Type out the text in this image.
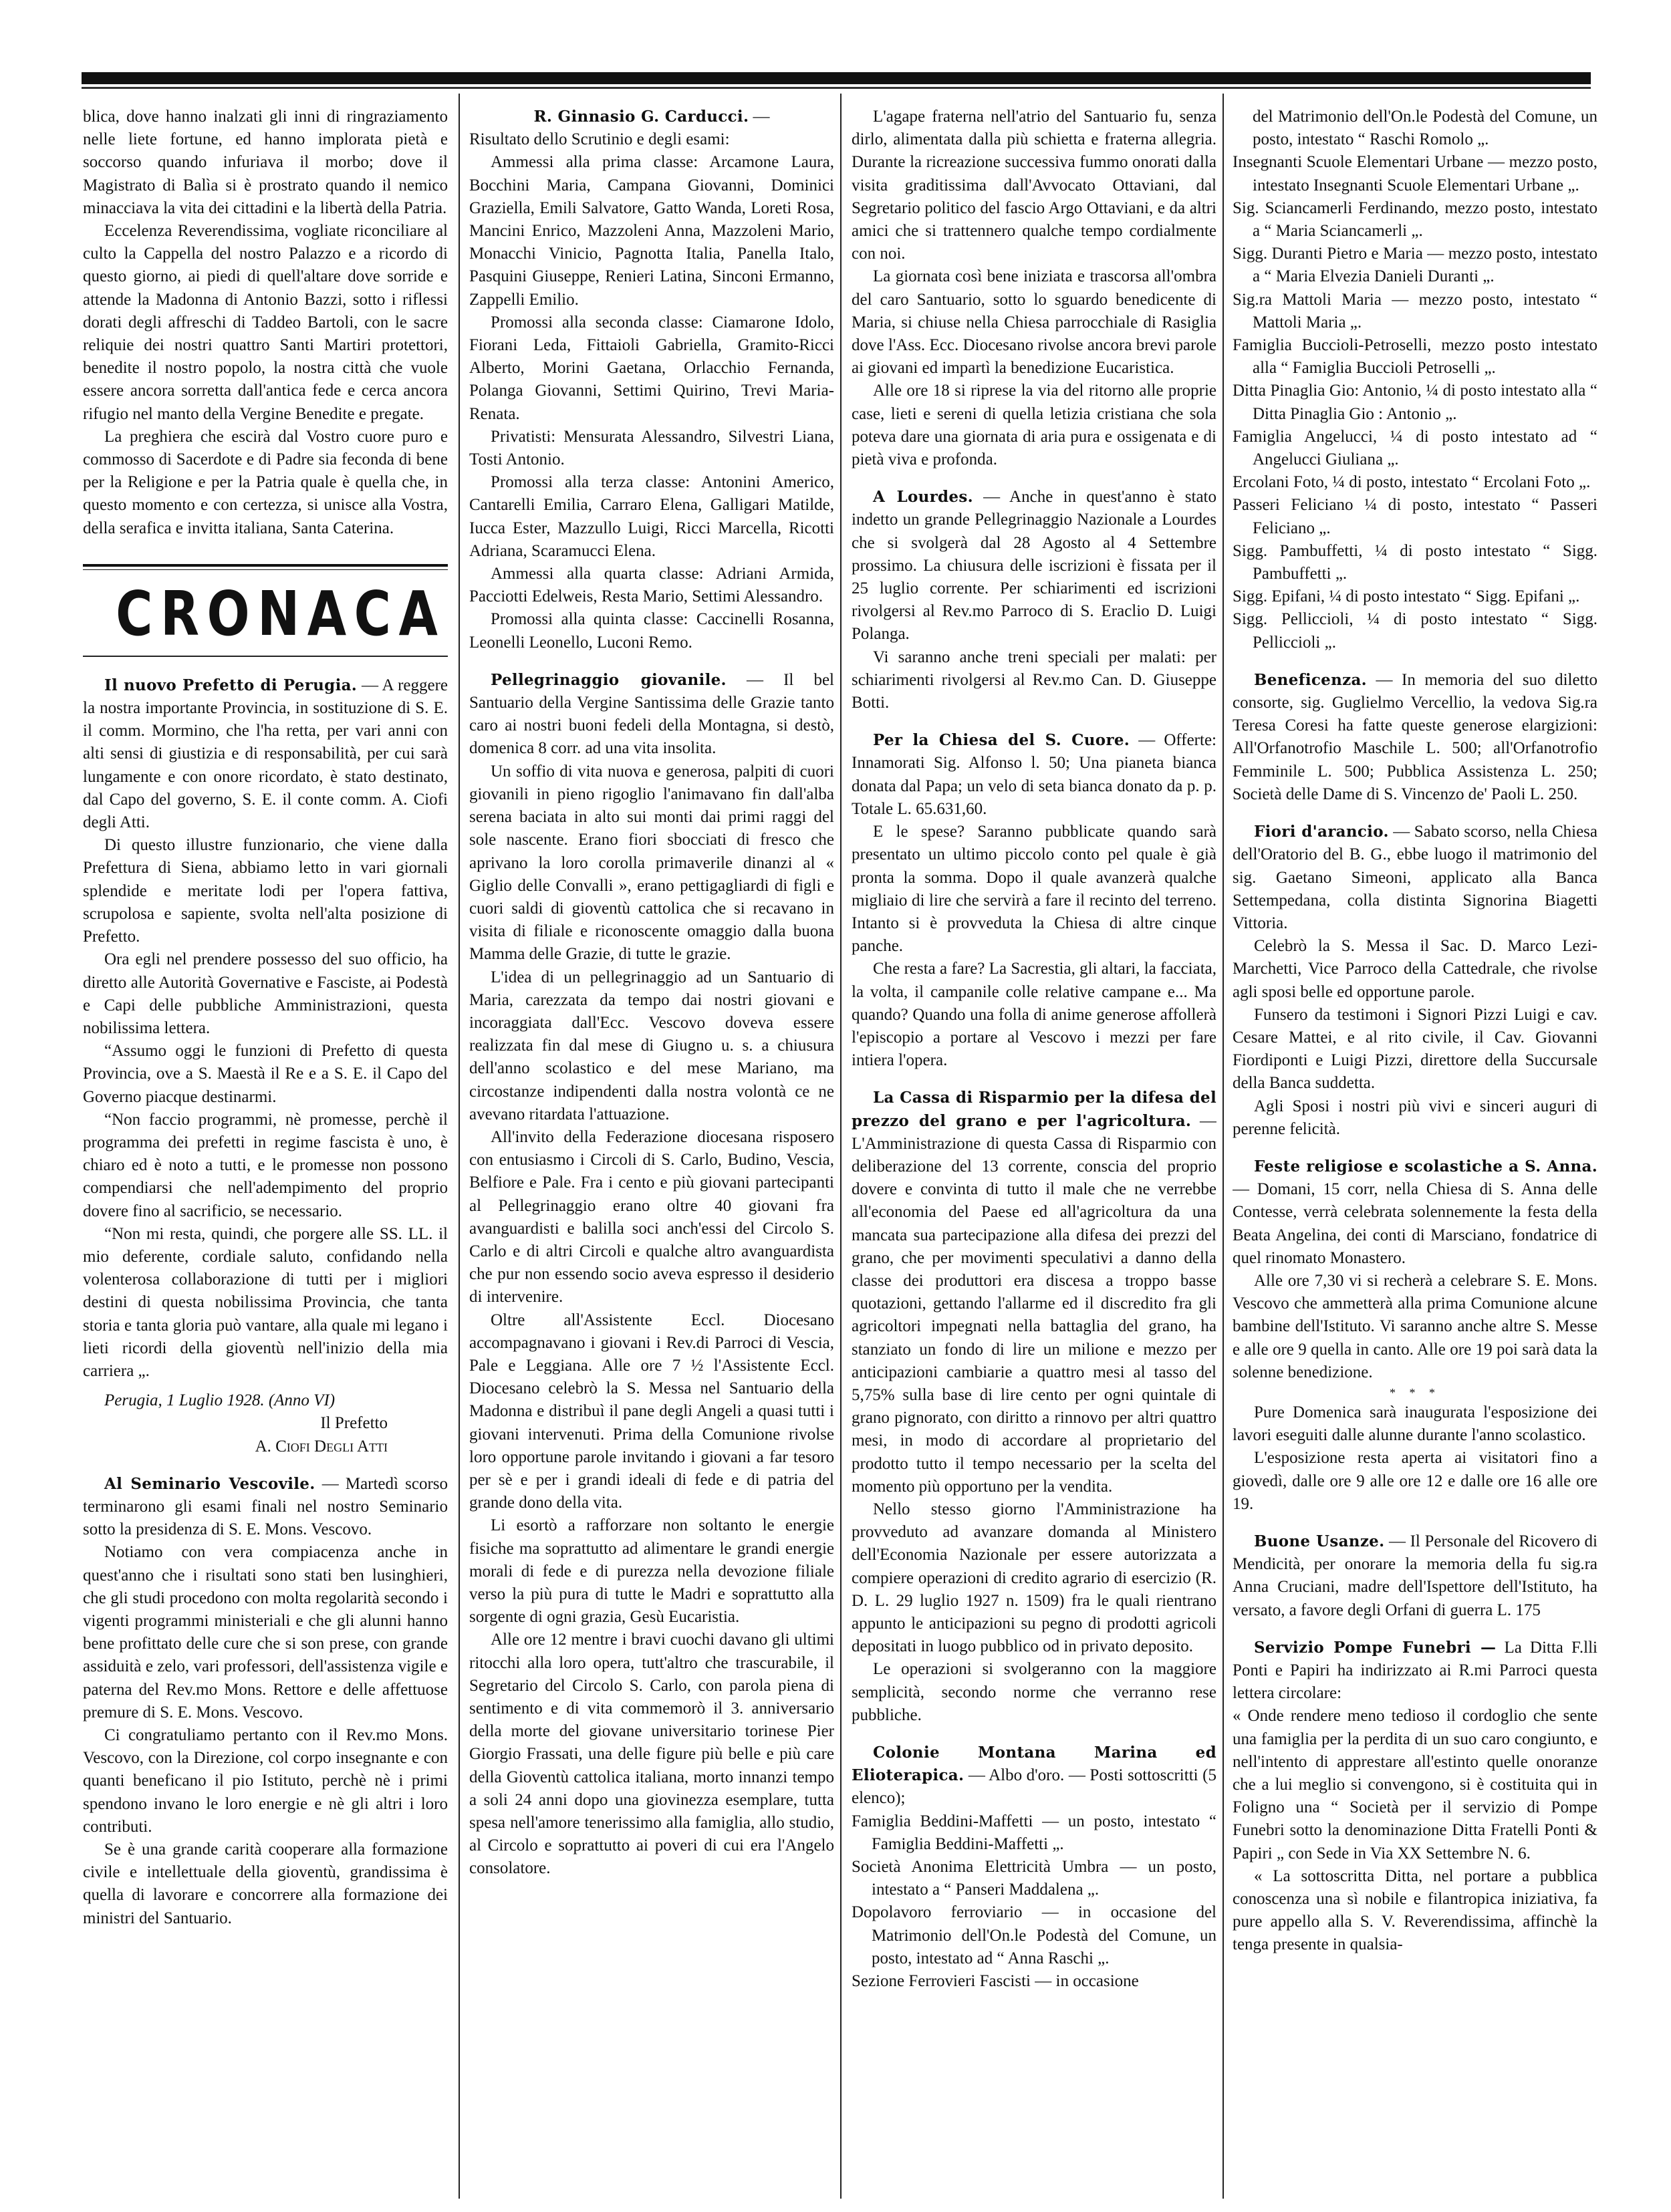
blica, dove hanno inalzati gli inni di ringraziamento nelle liete fortune, ed hanno implorata pietà e soccorso quando infuriava il morbo; dove il Magistrato di Balìa si è prostrato quando il nemico minacciava la vita dei cittadini e la libertà della Patria.

Eccelenza Reverendissima, vogliate riconciliare al culto la Cappella del nostro Palazzo e a ricordo di questo giorno, ai piedi di quell'altare dove sorride e attende la Madonna di Antonio Bazzi, sotto i riflessi dorati degli affreschi di Taddeo Bartoli, con le sacre reliquie dei nostri quattro Santi Martiri protettori, benedite il nostro popolo, la nostra città che vuole essere ancora sorretta dall'antica fede e cerca ancora rifugio nel manto della Vergine Benedite e pregate.

La preghiera che escirà dal Vostro cuore puro e commosso di Sacerdote e di Padre sia feconda di bene per la Religione e per la Patria quale è quella che, in questo momento e con certezza, si unisce alla Vostra, della serafica e invitta italiana, Santa Caterina.

CRONACA

Il nuovo Prefetto di Perugia. — A reggere la nostra importante Provincia, in sostituzione di S. E. il comm. Mormino, che l'ha retta, per vari anni con alti sensi di giustizia e di responsabilità, per cui sarà lungamente e con onore ricordato, è stato destinato, dal Capo del governo, S. E. il conte comm. A. Ciofi degli Atti.

Di questo illustre funzionario, che viene dalla Prefettura di Siena, abbiamo letto in vari giornali splendide e meritate lodi per l'opera fattiva, scrupolosa e sapiente, svolta nell'alta posizione di Prefetto.

Ora egli nel prendere possesso del suo officio, ha diretto alle Autorità Governative e Fasciste, ai Podestà e Capi delle pubbliche Amministrazioni, questa nobilissima lettera.

“Assumo oggi le funzioni di Prefetto di questa Provincia, ove a S. Maestà il Re e a S. E. il Capo del Governo piacque destinarmi.

“Non faccio programmi, nè promesse, perchè il programma dei prefetti in regime fascista è uno, è chiaro ed è noto a tutti, e le promesse non possono compendiarsi che nell'adempimento del proprio dovere fino al sacrificio, se necessario.

“Non mi resta, quindi, che porgere alle SS. LL. il mio deferente, cordiale saluto, confidando nella volenterosa collaborazione di tutti per i migliori destini di questa nobilissima Provincia, che tanta storia e tanta gloria può vantare, alla quale mi legano i lieti ricordi della gioventù nell'inizio della mia carriera „.

Perugia, 1 Luglio 1928. (Anno VI)

Il Prefetto

A. Ciofi Degli Atti

Al Seminario Vescovile. — Martedì scorso terminarono gli esami finali nel nostro Seminario sotto la presidenza di S. E. Mons. Vescovo.

Notiamo con vera compiacenza anche in quest'anno che i risultati sono stati ben lusinghieri, che gli studi procedono con molta regolarità secondo i vigenti programmi ministeriali e che gli alunni hanno bene profittato delle cure che si son prese, con grande assiduità e zelo, vari professori, dell'assistenza vigile e paterna del Rev.mo Mons. Rettore e delle affettuose premure di S. E. Mons. Vescovo.

Ci congratuliamo pertanto con il Rev.mo Mons. Vescovo, con la Direzione, col corpo insegnante e con quanti beneficano il pio Istituto, perchè nè i primi spendono invano le loro energie e nè gli altri i loro contributi.

Se è una grande carità cooperare alla formazione civile e intellettuale della gioventù, grandissima è quella di lavorare e concorrere alla formazione dei ministri del Santuario.

R. Ginnasio G. Carducci. —

Risultato dello Scrutinio e degli esami:

Ammessi alla prima classe: Arcamone Laura, Bocchini Maria, Campana Giovanni, Dominici Graziella, Emili Salvatore, Gatto Wanda, Loreti Rosa, Mancini Enrico, Mazzoleni Anna, Mazzoleni Mario, Monacchi Vinicio, Pagnotta Italia, Panella Italo, Pasquini Giuseppe, Renieri Latina, Sinconi Ermanno, Zappelli Emilio.

Promossi alla seconda classe: Ciamarone Idolo, Fiorani Leda, Fittaioli Gabriella, Gramito-Ricci Alberto, Morini Gaetana, Orlacchio Fernanda, Polanga Giovanni, Settimi Quirino, Trevi Maria-Renata.

Privatisti: Mensurata Alessandro, Silvestri Liana, Tosti Antonio.

Promossi alla terza classe: Antonini Americo, Cantarelli Emilia, Carraro Elena, Galligari Matilde, Iucca Ester, Mazzullo Luigi, Ricci Marcella, Ricotti Adriana, Scaramucci Elena.

Ammessi alla quarta classe: Adriani Armida, Pacciotti Edelweis, Resta Mario, Settimi Alessandro.

Promossi alla quinta classe: Caccinelli Rosanna, Leonelli Leonello, Luconi Remo.

Pellegrinaggio giovanile. — Il bel Santuario della Vergine Santissima delle Grazie tanto caro ai nostri buoni fedeli della Montagna, si destò, domenica 8 corr. ad una vita insolita.

Un soffio di vita nuova e generosa, palpiti di cuori giovanili in pieno rigoglio l'animavano fin dall'alba serena baciata in alto sui monti dai primi raggi del sole nascente. Erano fiori sbocciati di fresco che aprivano la loro corolla primaverile dinanzi al « Giglio delle Convalli », erano pettigagliardi di figli e cuori saldi di gioventù cattolica che si recavano in visita di filiale e riconoscente omaggio dalla buona Mamma delle Grazie, di tutte le grazie.

L'idea di un pellegrinaggio ad un Santuario di Maria, carezzata da tempo dai nostri giovani e incoraggiata dall'Ecc. Vescovo doveva essere realizzata fin dal mese di Giugno u. s. a chiusura dell'anno scolastico e del mese Mariano, ma circostanze indipendenti dalla nostra volontà ce ne avevano ritardata l'attuazione.

All'invito della Federazione diocesana risposero con entusiasmo i Circoli di S. Carlo, Budino, Vescia, Belfiore e Pale. Fra i cento e più giovani partecipanti al Pellegrinaggio erano oltre 40 giovani fra avanguardisti e balilla soci anch'essi del Circolo S. Carlo e di altri Circoli e qualche altro avanguardista che pur non essendo socio aveva espresso il desiderio di intervenire.

Oltre all'Assistente Eccl. Diocesano accompagnavano i giovani i Rev.di Parroci di Vescia, Pale e Leggiana. Alle ore 7 ½ l'Assistente Eccl. Diocesano celebrò la S. Messa nel Santuario della Madonna e distribuì il pane degli Angeli a quasi tutti i giovani intervenuti. Prima della Comunione rivolse loro opportune parole invitando i giovani a far tesoro per sè e per i grandi ideali di fede e di patria del grande dono della vita.

Li esortò a rafforzare non soltanto le energie fisiche ma soprattutto ad alimentare le grandi energie morali di fede e di purezza nella devozione filiale verso la più pura di tutte le Madri e soprattutto alla sorgente di ogni grazia, Gesù Eucaristia.

Alle ore 12 mentre i bravi cuochi davano gli ultimi ritocchi alla loro opera, tutt'altro che trascurabile, il Segretario del Circolo S. Carlo, con parola piena di sentimento e di vita commemorò il 3. anniversario della morte del giovane universitario torinese Pier Giorgio Frassati, una delle figure più belle e più care della Gioventù cattolica italiana, morto innanzi tempo a soli 24 anni dopo una giovinezza esemplare, tutta spesa nell'amore tenerissimo alla famiglia, allo studio, al Circolo e soprattutto ai poveri di cui era l'Angelo consolatore.

L'agape fraterna nell'atrio del Santuario fu, senza dirlo, alimentata dalla più schietta e fraterna allegria. Durante la ricreazione successiva fummo onorati dalla visita graditissima dall'Avvocato Ottaviani, dal Segretario politico del fascio Argo Ottaviani, e da altri amici che si trattennero qualche tempo cordialmente con noi.

La giornata così bene iniziata e trascorsa all'ombra del caro Santuario, sotto lo sguardo benedicente di Maria, si chiuse nella Chiesa parrocchiale di Rasiglia dove l'Ass. Ecc. Diocesano rivolse ancora brevi parole ai giovani ed impartì la benedizione Eucaristica.

Alle ore 18 si riprese la via del ritorno alle proprie case, lieti e sereni di quella letizia cristiana che sola poteva dare una giornata di aria pura e ossigenata e di pietà viva e profonda.

A Lourdes. — Anche in quest'anno è stato indetto un grande Pellegrinaggio Nazionale a Lourdes che si svolgerà dal 28 Agosto al 4 Settembre prossimo. La chiusura delle iscrizioni è fissata per il 25 luglio corrente. Per schiarimenti ed iscrizioni rivolgersi al Rev.mo Parroco di S. Eraclio D. Luigi Polanga.

Vi saranno anche treni speciali per malati: per schiarimenti rivolgersi al Rev.mo Can. D. Giuseppe Botti.

Per la Chiesa del S. Cuore. — Offerte: Innamorati Sig. Alfonso l. 50; Una pianeta bianca donata dal Papa; un velo di seta bianca donato da p. p. Totale L. 65.631,60.

E le spese? Saranno pubblicate quando sarà presentato un ultimo piccolo conto pel quale è già pronta la somma. Dopo il quale avanzerà qualche migliaio di lire che servirà a fare il recinto del terreno. Intanto si è provveduta la Chiesa di altre cinque panche.

Che resta a fare? La Sacrestia, gli altari, la facciata, la volta, il campanile colle relative campane e... Ma quando? Quando una folla di anime generose affollerà l'episcopio a portare al Vescovo i mezzi per fare intiera l'opera.

La Cassa di Risparmio per la difesa del prezzo del grano e per l'agricoltura. — L'Amministrazione di questa Cassa di Risparmio con deliberazione del 13 corrente, conscia del proprio dovere e convinta di tutto il male che ne verrebbe all'economia del Paese ed all'agricoltura da una mancata sua partecipazione alla difesa dei prezzi del grano, che per movimenti speculativi a danno della classe dei produttori era discesa a troppo basse quotazioni, gettando l'allarme ed il discredito fra gli agricoltori impegnati nella battaglia del grano, ha stanziato un fondo di lire un milione e mezzo per anticipazioni cambiarie a quattro mesi al tasso del 5,75% sulla base di lire cento per ogni quintale di grano pignorato, con diritto a rinnovo per altri quattro mesi, in modo di accordare al proprietario del prodotto tutto il tempo necessario per la scelta del momento più opportuno per la vendita.

Nello stesso giorno l'Amministrazione ha provveduto ad avanzare domanda al Ministero dell'Economia Nazionale per essere autorizzata a compiere operazioni di credito agrario di esercizio (R. D. L. 29 luglio 1927 n. 1509) fra le quali rientrano appunto le anticipazioni su pegno di prodotti agricoli depositati in luogo pubblico od in privato deposito.

Le operazioni si svolgeranno con la maggiore semplicità, secondo norme che verranno rese pubbliche.

Colonie Montana Marina ed Elioterapica. — Albo d'oro. — Posti sottoscritti (5 elenco);

Famiglia Beddini-Maffetti — un posto, intestato “ Famiglia Beddini-Maffetti „.

Società Anonima Elettricità Umbra — un posto, intestato a “ Panseri Maddalena „.

Dopolavoro ferroviario — in occasione del Matrimonio dell'On.le Podestà del Comune, un posto, intestato ad “ Anna Raschi „.

Sezione Ferrovieri Fascisti — in occasione

del Matrimonio dell'On.le Podestà del Comune, un posto, intestato “ Raschi Romolo „.

Insegnanti Scuole Elementari Urbane — mezzo posto, intestato Insegnanti Scuole Elementari Urbane „.

Sig. Sciancamerli Ferdinando, mezzo posto, intestato a “ Maria Sciancamerli „.

Sigg. Duranti Pietro e Maria — mezzo posto, intestato a “ Maria Elvezia Danieli Duranti „.

Sig.ra Mattoli Maria — mezzo posto, intestato “ Mattoli Maria „.

Famiglia Buccioli-Petroselli, mezzo posto intestato alla “ Famiglia Buccioli Petroselli „.

Ditta Pinaglia Gio: Antonio, ¼ di posto intestato alla “ Ditta Pinaglia Gio : Antonio „.

Famiglia Angelucci, ¼ di posto intestato ad “ Angelucci Giuliana „.

Ercolani Foto, ¼ di posto, intestato “ Ercolani Foto „.

Passeri Feliciano ¼ di posto, intestato “ Passeri Feliciano „.

Sigg. Pambuffetti, ¼ di posto intestato “ Sigg. Pambuffetti „.

Sigg. Epifani, ¼ di posto intestato “ Sigg. Epifani „.

Sigg. Pelliccioli, ¼ di posto intestato “ Sigg. Pelliccioli „.

Beneficenza. — In memoria del suo diletto consorte, sig. Guglielmo Vercellio, la vedova Sig.ra Teresa Coresi ha fatte queste generose elargizioni: All'Orfanotrofio Maschile L. 500; all'Orfanotrofio Femminile L. 500; Pubblica Assistenza L. 250; Società delle Dame di S. Vincenzo de' Paoli L. 250.

Fiori d'arancio. — Sabato scorso, nella Chiesa dell'Oratorio del B. G., ebbe luogo il matrimonio del sig. Gaetano Simeoni, applicato alla Banca Settempedana, colla distinta Signorina Biagetti Vittoria.

Celebrò la S. Messa il Sac. D. Marco Lezi-Marchetti, Vice Parroco della Cattedrale, che rivolse agli sposi belle ed opportune parole.

Funsero da testimoni i Signori Pizzi Luigi e cav. Cesare Mattei, e al rito civile, il Cav. Giovanni Fiordiponti e Luigi Pizzi, direttore della Succursale della Banca suddetta.

Agli Sposi i nostri più vivi e sinceri auguri di perenne felicità.

Feste religiose e scolastiche a S. Anna. — Domani, 15 corr, nella Chiesa di S. Anna delle Contesse, verrà celebrata solennemente la festa della Beata Angelina, dei conti di Marsciano, fondatrice di quel rinomato Monastero.

Alle ore 7,30 vi si recherà a celebrare S. E. Mons. Vescovo che ammetterà alla prima Comunione alcune bambine dell'Istituto. Vi saranno anche altre S. Messe e alle ore 9 quella in canto. Alle ore 19 poi sarà data la solenne benedizione.

* * *

Pure Domenica sarà inaugurata l'esposizione dei lavori eseguiti dalle alunne durante l'anno scolastico.

L'esposizione resta aperta ai visitatori fino a giovedì, dalle ore 9 alle ore 12 e dalle ore 16 alle ore 19.

Buone Usanze. — Il Personale del Ricovero di Mendicità, per onorare la memoria della fu sig.ra Anna Cruciani, madre dell'Ispettore dell'Istituto, ha versato, a favore degli Orfani di guerra L. 175

Servizio Pompe Funebri — La Ditta F.lli Ponti e Papiri ha indirizzato ai R.mi Parroci questa lettera circolare:

« Onde rendere meno tedioso il cordoglio che sente una famiglia per la perdita di un suo caro congiunto, e nell'intento di apprestare all'estinto quelle onoranze che a lui meglio si convengono, si è costituita qui in Foligno una “ Società per il servizio di Pompe Funebri sotto la denominazione Ditta Fratelli Ponti & Papiri „ con Sede in Via XX Settembre N. 6.

« La sottoscritta Ditta, nel portare a pubblica conoscenza una sì nobile e filantropica iniziativa, fa pure appello alla S. V. Reverendissima, affinchè la tenga presente in qualsia-
